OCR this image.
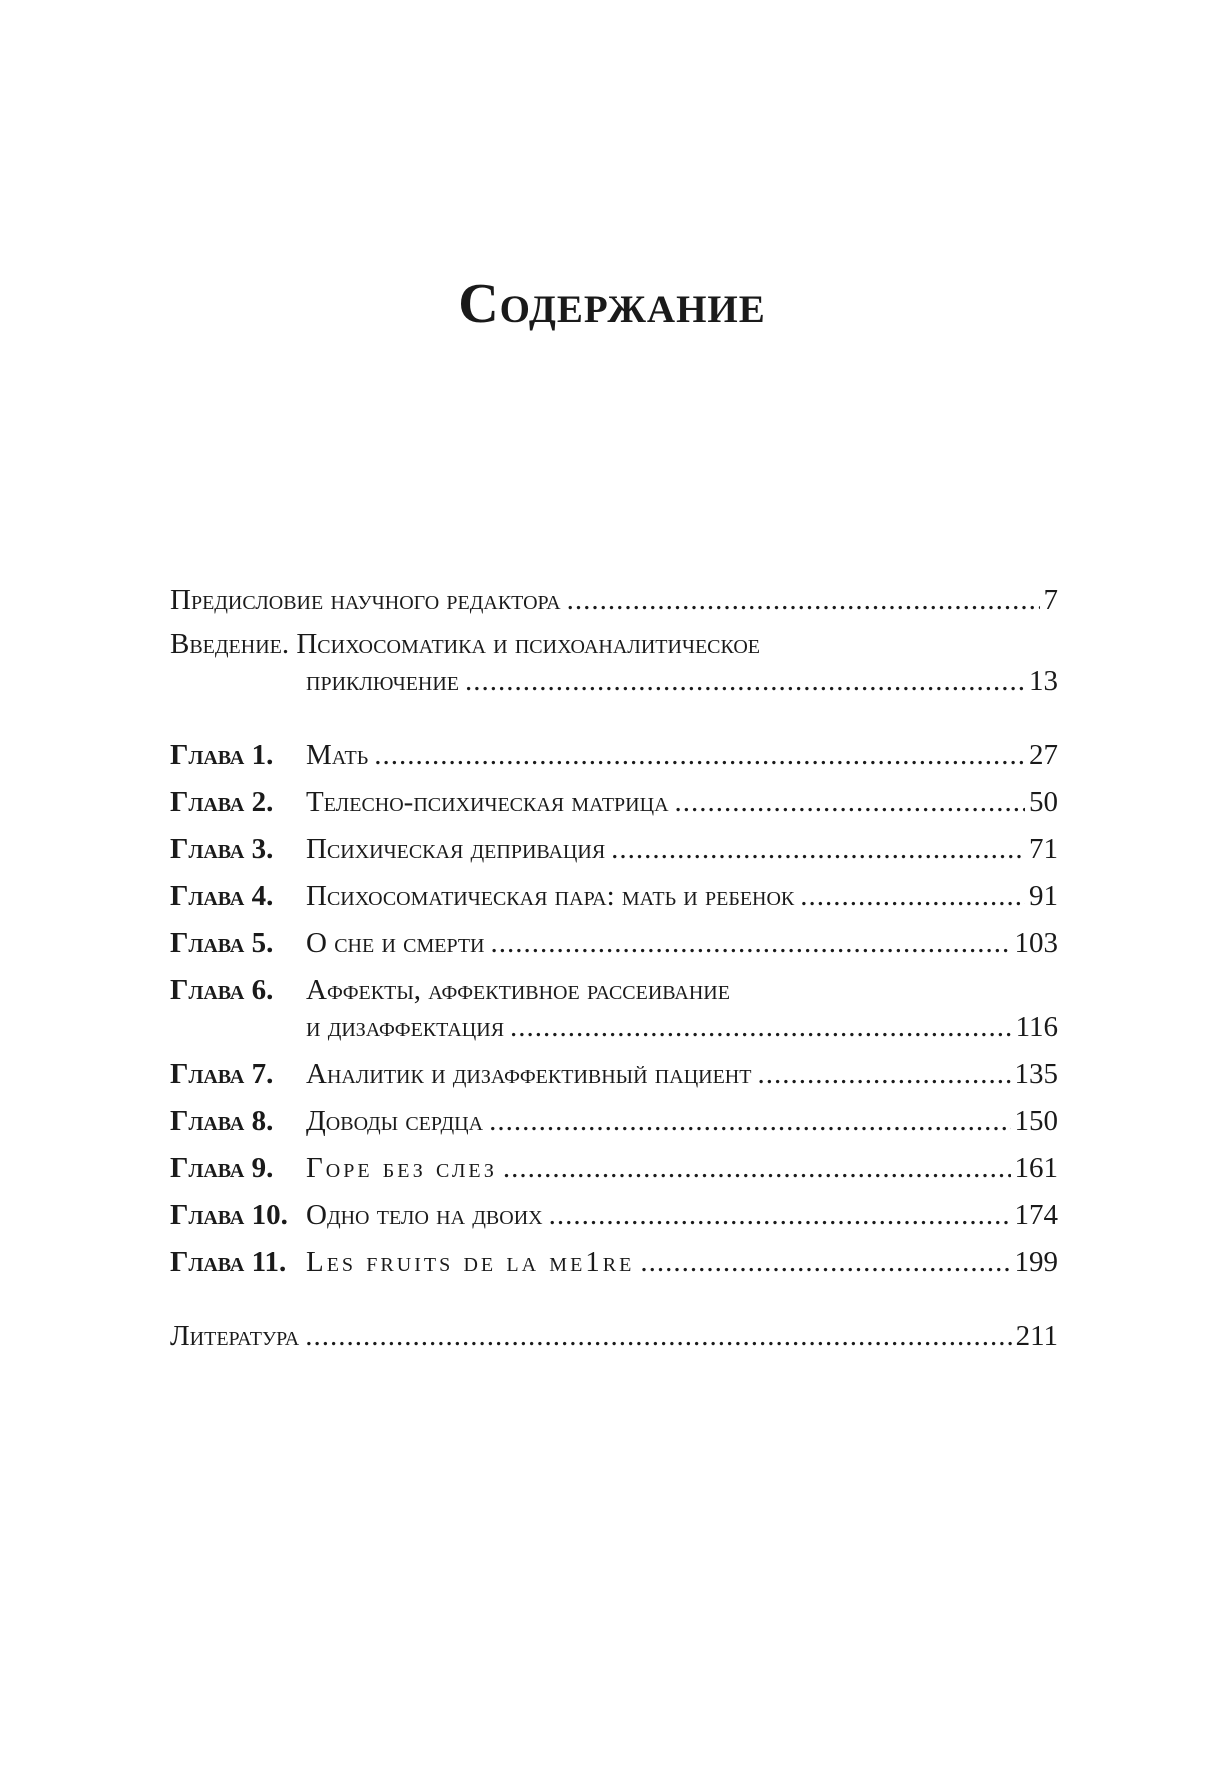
Содержание
Предисловие научного редактора .....	7
Введение. Психосоматика и психоаналитическое
приключение .....	13
Глава 1.	Мать .....	27
Глава 2.	Телесно-психическая матрица .....	50
Глава 3.	Психическая депривация .....	71
Глава 4.	Психосоматическая пара: мать и ребенок .....	91
Глава 5.	О сне и смерти .....	103
Глава 6.	Аффекты, аффективное рассеивание
и дизаффектация .....	116
Глава 7.	Аналитик и дизаффективный пациент .....	135
Глава 8.	Доводы сердца .....	150
Глава 9.	Горе без слез .....	161
Глава 10. Одно тело на двоих .....	174
Глава 11. Les fruits de la me1re .....	199
Литература .....	211
